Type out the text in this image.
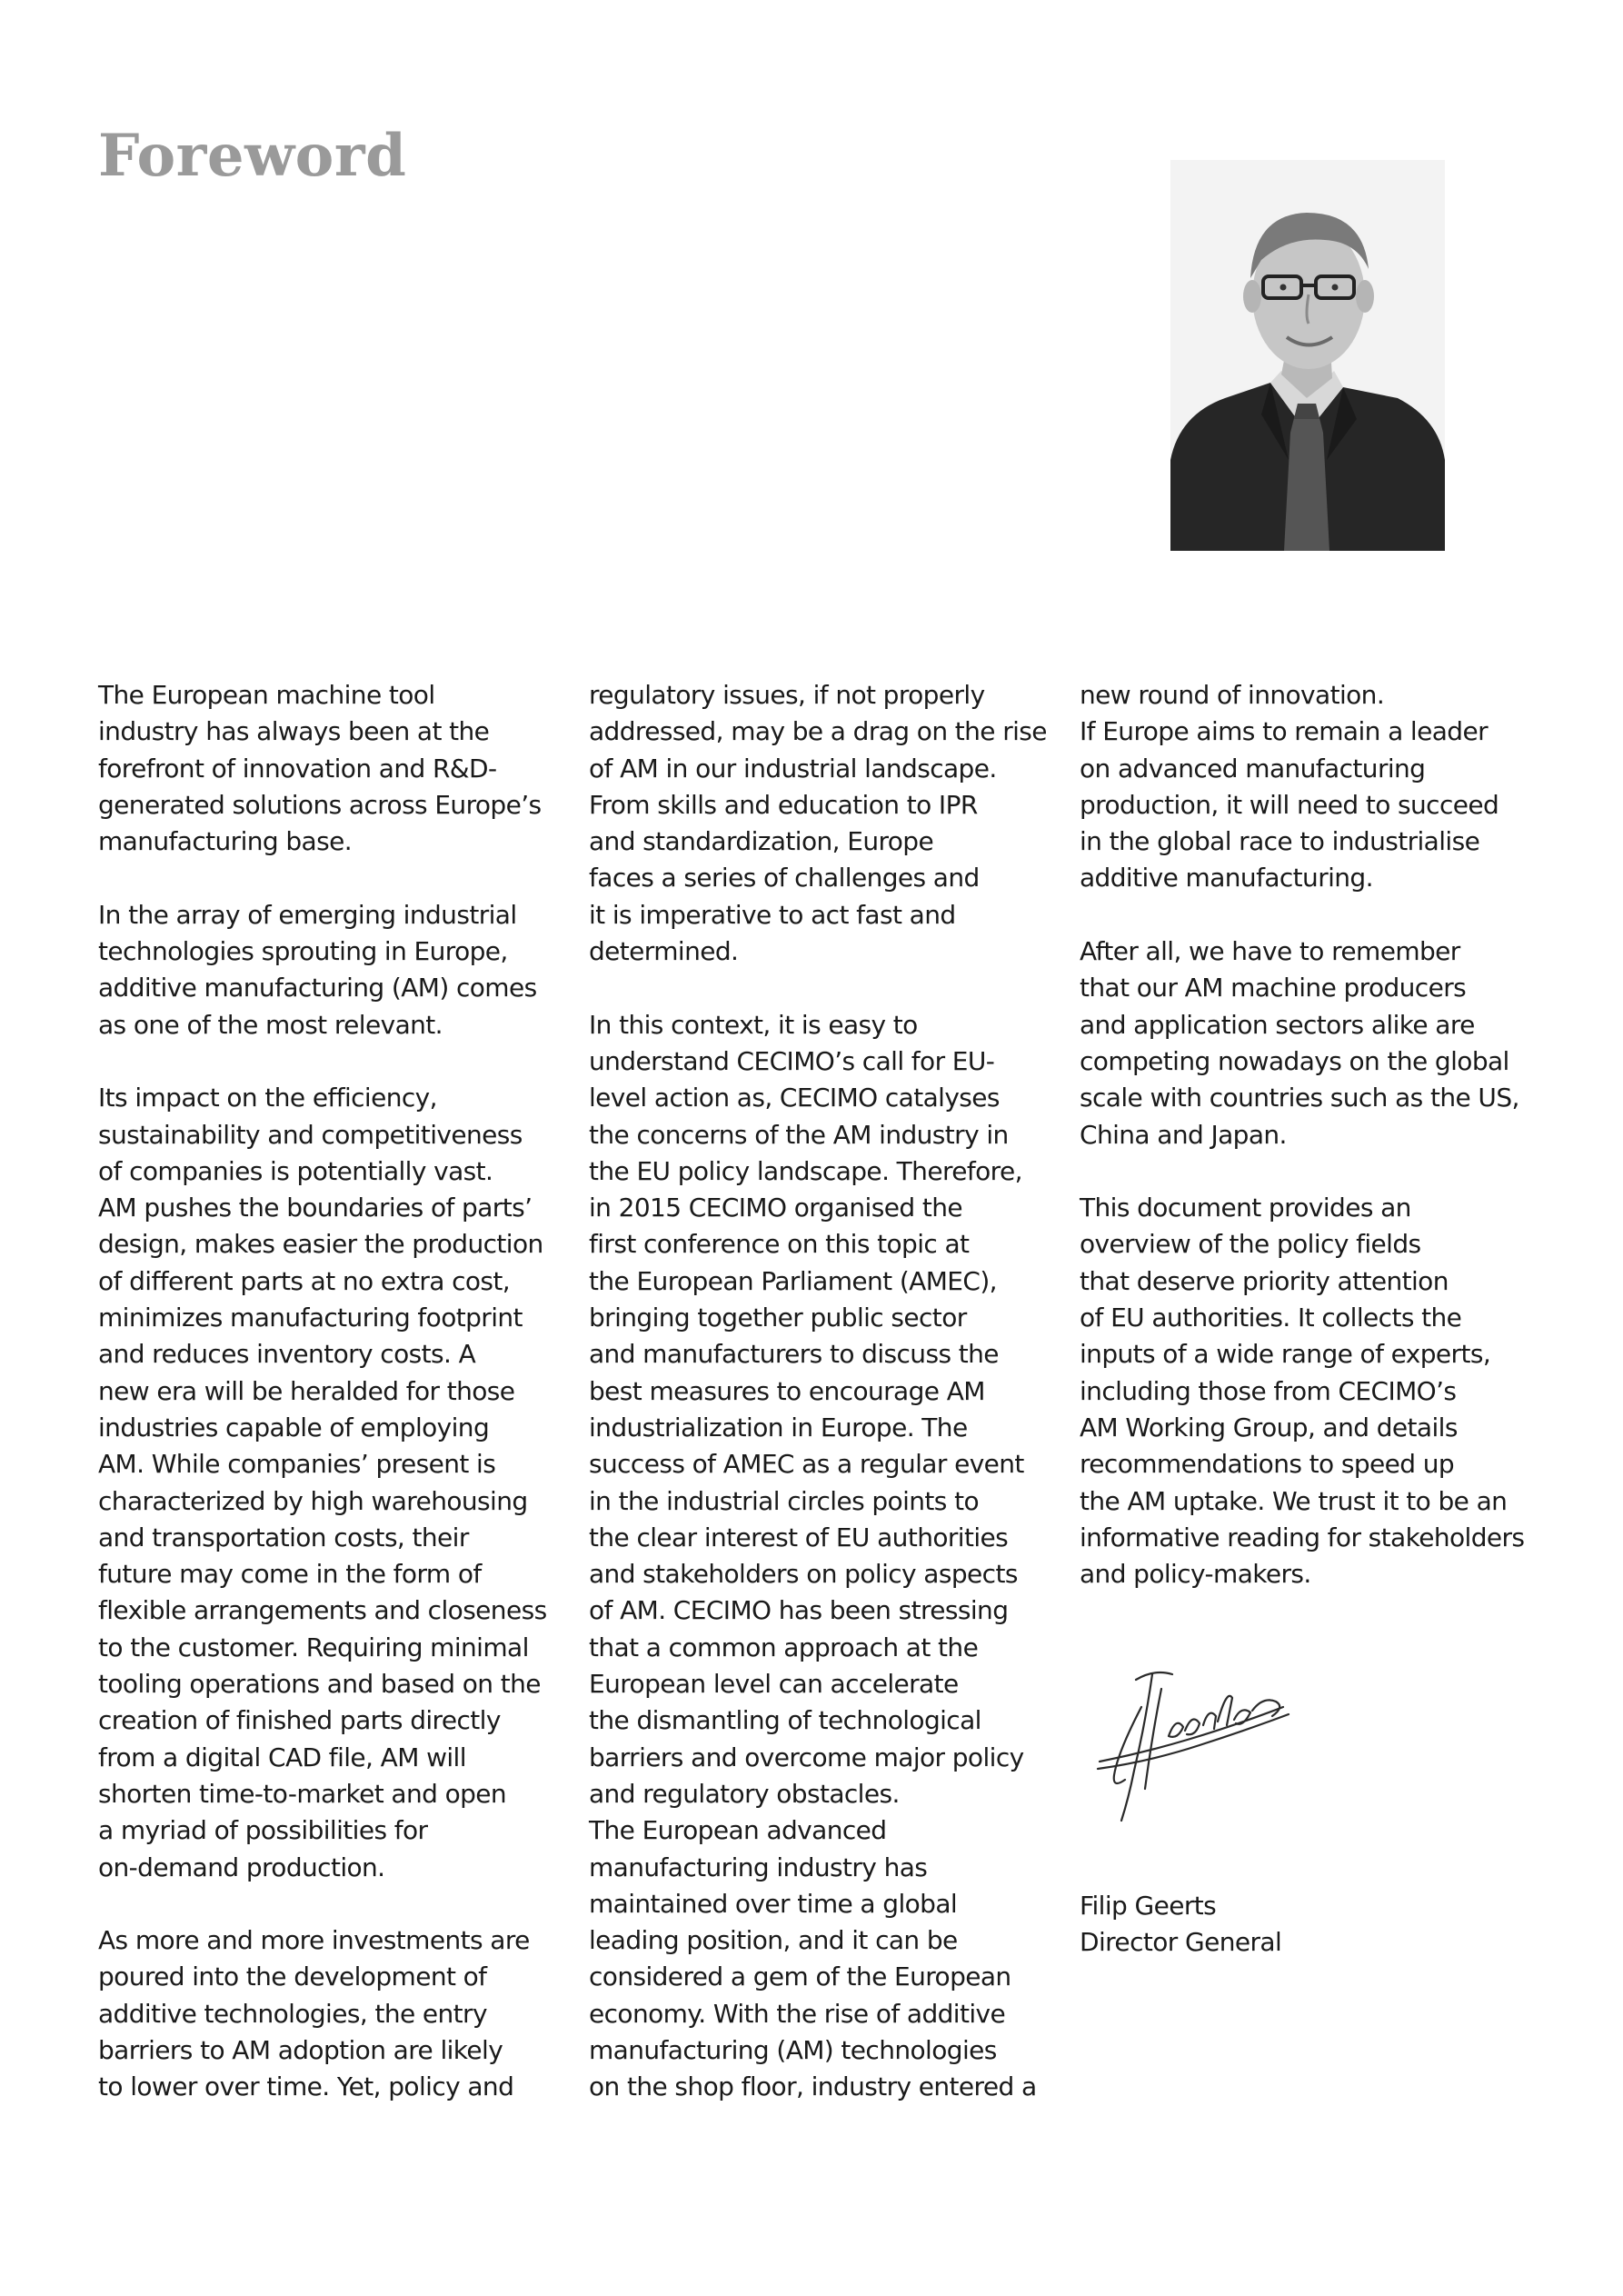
Foreword

The European machine tool
industry has always been at the
forefront of innovation and R&D-
generated solutions across Europe’s
manufacturing base.

In the array of emerging industrial
technologies sprouting in Europe,
additive manufacturing (AM) comes
as one of the most relevant.

Its impact on the efficiency,
sustainability and competitiveness
of companies is potentially vast.
AM pushes the boundaries of parts’
design, makes easier the production
of different parts at no extra cost,
minimizes manufacturing footprint
and reduces inventory costs. A
new era will be heralded for those
industries capable of employing
AM. While companies’ present is
characterized by high warehousing
and transportation costs, their
future may come in the form of
flexible arrangements and closeness
to the customer. Requiring minimal
tooling operations and based on the
creation of finished parts directly
from a digital CAD file, AM will
shorten time-to-market and open
a myriad of possibilities for
on-demand production.

As more and more investments are
poured into the development of
additive technologies, the entry
barriers to AM adoption are likely
to lower over time. Yet, policy and

regulatory issues, if not properly
addressed, may be a drag on the rise
of AM in our industrial landscape.
From skills and education to IPR
and standardization, Europe
faces a series of challenges and
it is imperative to act fast and
determined.

In this context, it is easy to
understand CECIMO’s call for EU-
level action as, CECIMO catalyses
the concerns of the AM industry in
the EU policy landscape. Therefore,
in 2015 CECIMO organised the
first conference on this topic at
the European Parliament (AMEC),
bringing together public sector
and manufacturers to discuss the
best measures to encourage AM
industrialization in Europe. The
success of AMEC as a regular event
in the industrial circles points to
the clear interest of EU authorities
and stakeholders on policy aspects
of AM. CECIMO has been stressing
that a common approach at the
European level can accelerate
the dismantling of technological
barriers and overcome major policy
and regulatory obstacles.
The European advanced
manufacturing industry has
maintained over time a global
leading position, and it can be
considered a gem of the European
economy. With the rise of additive
manufacturing (AM) technologies
on the shop floor, industry entered a

new round of innovation.
If Europe aims to remain a leader
on advanced manufacturing
production, it will need to succeed
in the global race to industrialise
additive manufacturing.

After all, we have to remember
that our AM machine producers
and application sectors alike are
competing nowadays on the global
scale with countries such as the US,
China and Japan.

This document provides an
overview of the policy fields
that deserve priority attention
of EU authorities. It collects the
inputs of a wide range of experts,
including those from CECIMO’s
AM Working Group, and details
recommendations to speed up
the AM uptake. We trust it to be an
informative reading for stakeholders
and policy-makers.

Filip Geerts
Director General
